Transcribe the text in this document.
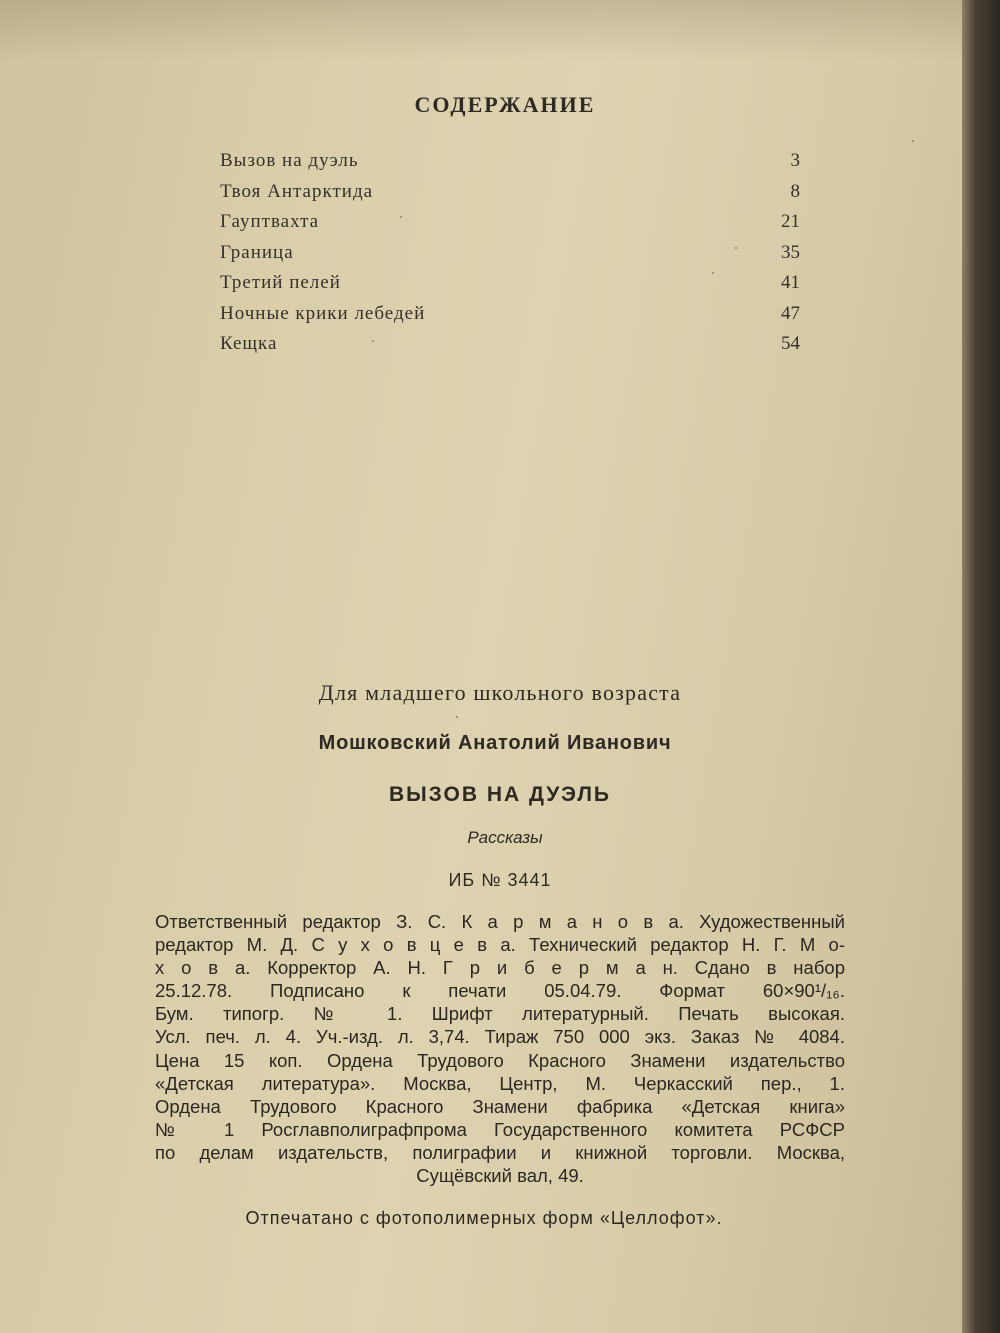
СОДЕРЖАНИЕ
Вызов на дуэль	3
Твоя Антарктида	8
Гауптвахта	21
Граница	35
Третий пелей	41
Ночные крики лебедей	47
Кещка	54
Для младшего школьного возраста
Мошковский Анатолий Иванович
ВЫЗОВ НА ДУЭЛЬ
Рассказы
ИБ № 3441
Ответственный редактор З. С. К а р м а н о в а. Художественный
редактор М. Д. С у х о в ц е в а. Технический редактор Н. Г. М о-
х о в а. Корректор А. Н. Г р и б е р м а н. Сдано в набор
25.12.78. Подписано к печати 05.04.79. Формат 60×90¹/₁₆.
Бум. типогр. № 1. Шрифт литературный. Печать высокая.
Усл. печ. л. 4. Уч.-изд. л. 3,74. Тираж 750 000 экз. Заказ № 4084.
Цена 15 коп. Ордена Трудового Красного Знамени издательство
«Детская литература». Москва, Центр, М. Черкасский пер., 1.
Ордена Трудового Красного Знамени фабрика «Детская книга»
№ 1 Росглавполиграфпрома Государственного комитета РСФСР
по делам издательств, полиграфии и книжной торговли. Москва,
Сущёвский вал, 49.
Отпечатано с фотополимерных форм «Целлофот».
